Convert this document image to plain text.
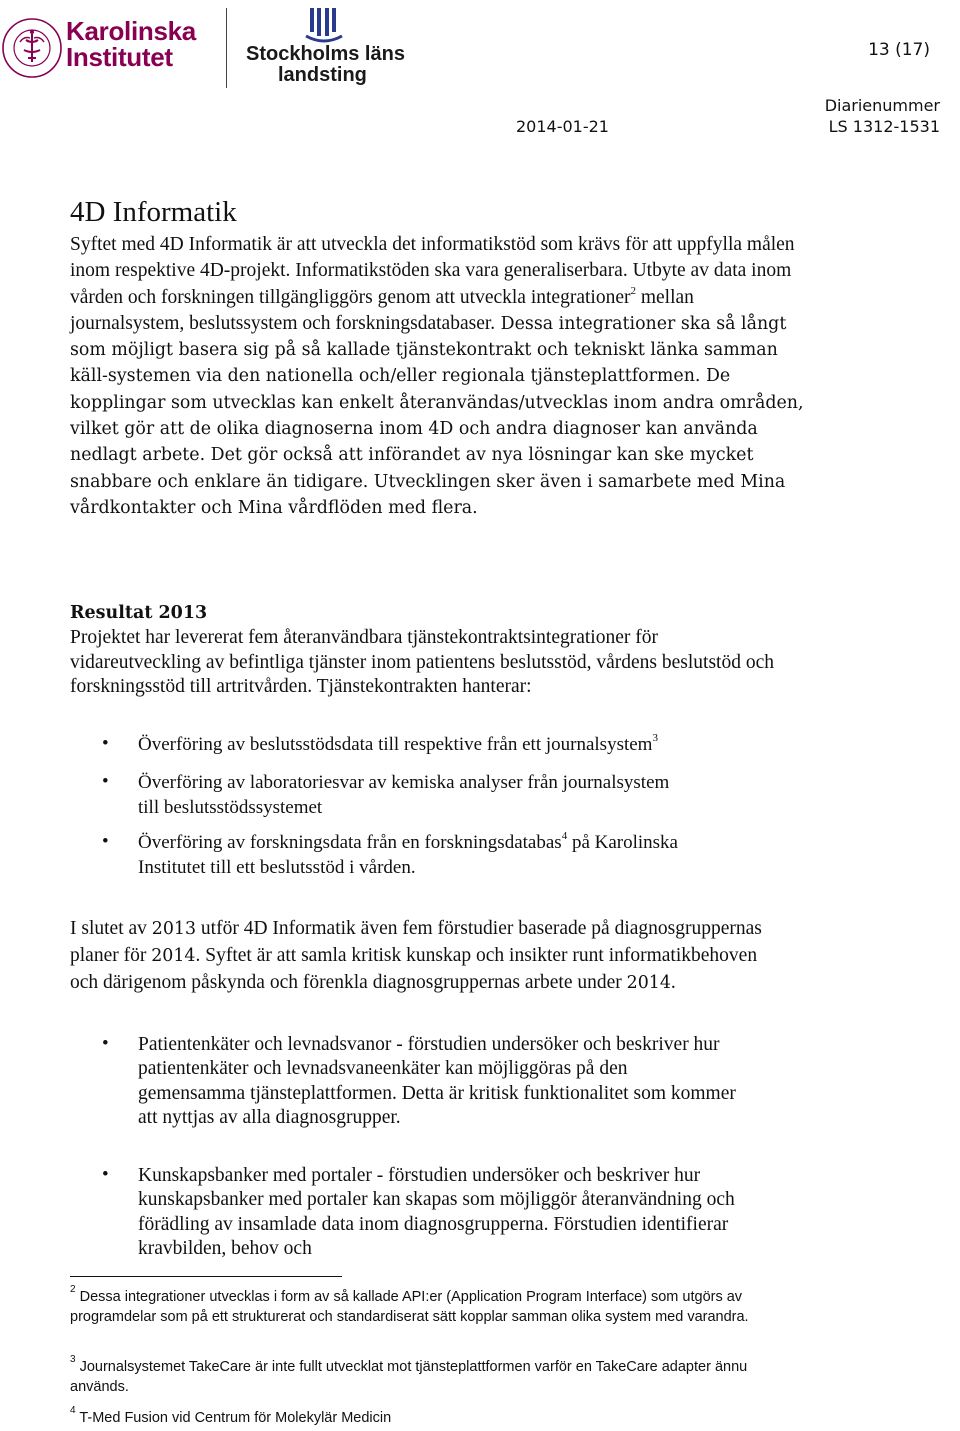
Karolinska
Institutet	Stockholms läns
landsting
13 (17)
Diarienummer
2014-01-21	LS 1312-1531
4D Informatik
Syftet med 4D Informatik är att utveckla det informatikstöd som krävs för att uppfylla målen inom respektive 4D-projekt. Informatikstöden ska vara generaliserbara. Utbyte av data inom vården och forskningen tillgängliggörs genom att utveckla integrationer$^2$ mellan journalsystem, beslutssystem och forskningsdatabaser. Dessa integrationer ska så långt som möjligt basera sig på så kallade tjänstekontrakt och tekniskt länka samman käll-systemen via den nationella och/eller regionala tjänsteplattformen. De kopplingar som utvecklas kan enkelt återanvändas/utvecklas inom andra områden, vilket gör att de olika diagnoserna inom 4D och andra diagnoser kan använda nedlagt arbete. Det gör också att införandet av nya lösningar kan ske mycket snabbare och enklare än tidigare. Utvecklingen sker även i samarbete med Mina vårdkontakter och Mina vårdflöden med flera.
Resultat 2013
Projektet har levererat fem återanvändbara tjänstekontraktsintegrationer för vidareutveckling av befintliga tjänster inom patientens beslutsstöd, vårdens beslutstöd och forskningsstöd till artritvården. Tjänstekontrakten hanterar:
• Överföring av beslutsstödsdata till respektive från ett journalsystem$^3$
• Överföring av laboratoriesvar av kemiska analyser från journalsystem till beslutsstödssystemet
• Överföring av forskningsdata från en forskningsdatabas$^4$ på Karolinska Institutet till ett beslutsstöd i vården.
I slutet av 2013 utför 4D Informatik även fem förstudier baserade på diagnosgruppernas planer för 2014. Syftet är att samla kritisk kunskap och insikter runt informatikbehoven och därigenom påskynda och förenkla diagnosgruppernas arbete under 2014.
• Patientenkäter och levnadsvanor - förstudien undersöker och beskriver hur patientenkäter och levnadsvaneenkäter kan möjliggöras på den gemensamma tjänsteplattformen. Detta är kritisk funktionalitet som kommer att nyttjas av alla diagnosgrupper.
• Kunskapsbanker med portaler - förstudien undersöker och beskriver hur kunskapsbanker med portaler kan skapas som möjliggör återanvändning och förädling av insamlade data inom diagnosgrupperna. Förstudien identifierar kravbilden, behov och
$^2$ Dessa integrationer utvecklas i form av så kallade API:er (Application Program Interface) som utgörs av programdelar som på ett strukturerat och standardiserat sätt kopplar samman olika system med varandra.
$^3$ Journalsystemet TakeCare är inte fullt utvecklat mot tjänsteplattformen varför en TakeCare adapter ännu används.
$^4$ T-Med Fusion vid Centrum för Molekylär Medicin
